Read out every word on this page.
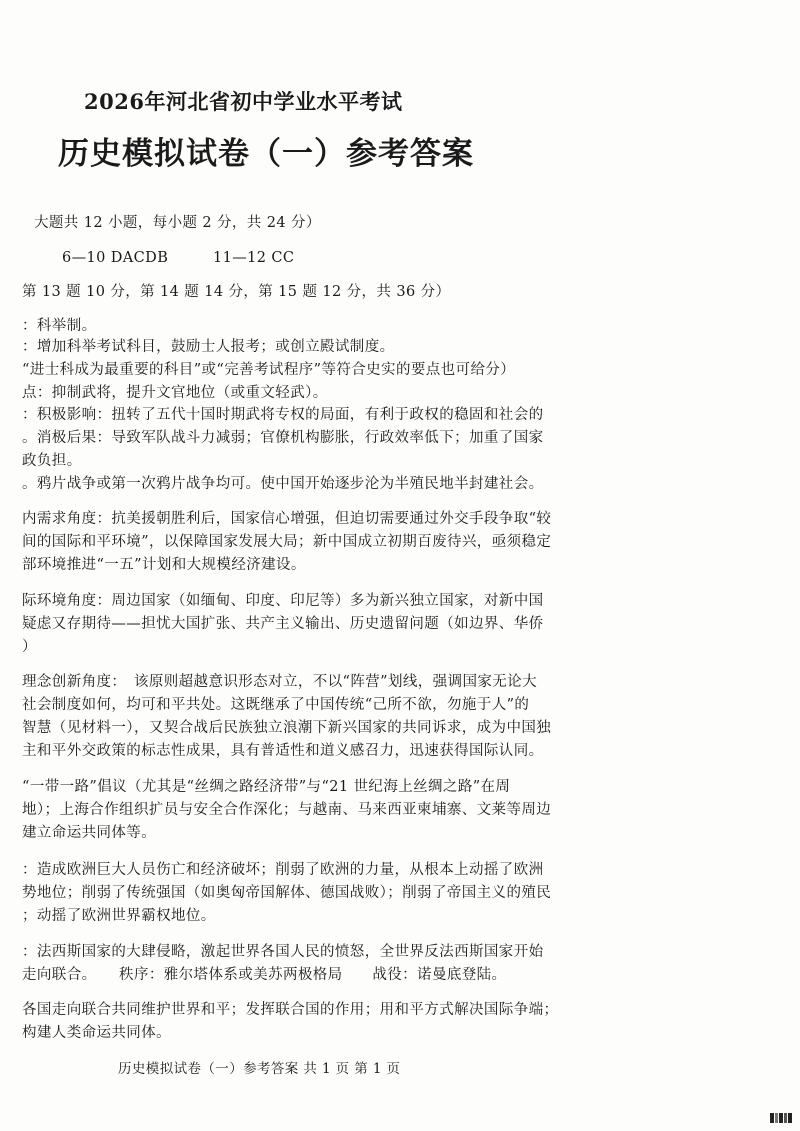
2026年河北省初中学业水平考试
历史模拟试卷（一）参考答案
大题共 12 小题，每小题 2 分，共 24 分）
6—10 DACDB　　　11—12 CC
第 13 题 10 分，第 14 题 14 分，第 15 题 12 分，共 36 分）
：科举制。
：增加科举考试科目，鼓励士人报考；或创立殿试制度。
“进士科成为最重要的科目”或“完善考试程序”等符合史实的要点也可给分）
点：抑制武将，提升文官地位（或重文轻武）。
：积极影响：扭转了五代十国时期武将专权的局面，有利于政权的稳固和社会的
。消极后果：导致军队战斗力减弱；官僚机构膨胀，行政效率低下；加重了国家
政负担。
。鸦片战争或第一次鸦片战争均可。使中国开始逐步沦为半殖民地半封建社会。
内需求角度：抗美援朝胜利后，国家信心增强，但迫切需要通过外交手段争取“较
间的国际和平环境”，以保障国家发展大局；新中国成立初期百废待兴，亟须稳定
部环境推进“一五”计划和大规模经济建设。
际环境角度：周边国家（如缅甸、印度、印尼等）多为新兴独立国家，对新中国
疑虑又存期待——担忧大国扩张、共产主义输出、历史遗留问题（如边界、华侨
）
理念创新角度：　该原则超越意识形态对立，不以“阵营”划线，强调国家无论大
社会制度如何，均可和平共处。这既继承了中国传统“己所不欲，勿施于人”的
智慧（见材料一），又契合战后民族独立浪潮下新兴国家的共同诉求，成为中国独
主和平外交政策的标志性成果，具有普适性和道义感召力，迅速获得国际认同。
“一带一路”倡议（尤其是“丝绸之路经济带”与“21 世纪海上丝绸之路”在周
地）；上海合作组织扩员与安全合作深化；与越南、马来西亚柬埔寨、文莱等周边
建立命运共同体等。
：造成欧洲巨大人员伤亡和经济破坏；削弱了欧洲的力量，从根本上动摇了欧洲
势地位；削弱了传统强国（如奥匈帝国解体、德国战败）；削弱了帝国主义的殖民
；动摇了欧洲世界霸权地位。
：法西斯国家的大肆侵略，激起世界各国人民的愤怒，全世界反法西斯国家开始
走向联合。　　秩序：雅尔塔体系或美苏两极格局　　战役：诺曼底登陆。
各国走向联合共同维护世界和平；发挥联合国的作用；用和平方式解决国际争端；
构建人类命运共同体。
历史模拟试卷（一）参考答案 共 1 页 第 1 页
